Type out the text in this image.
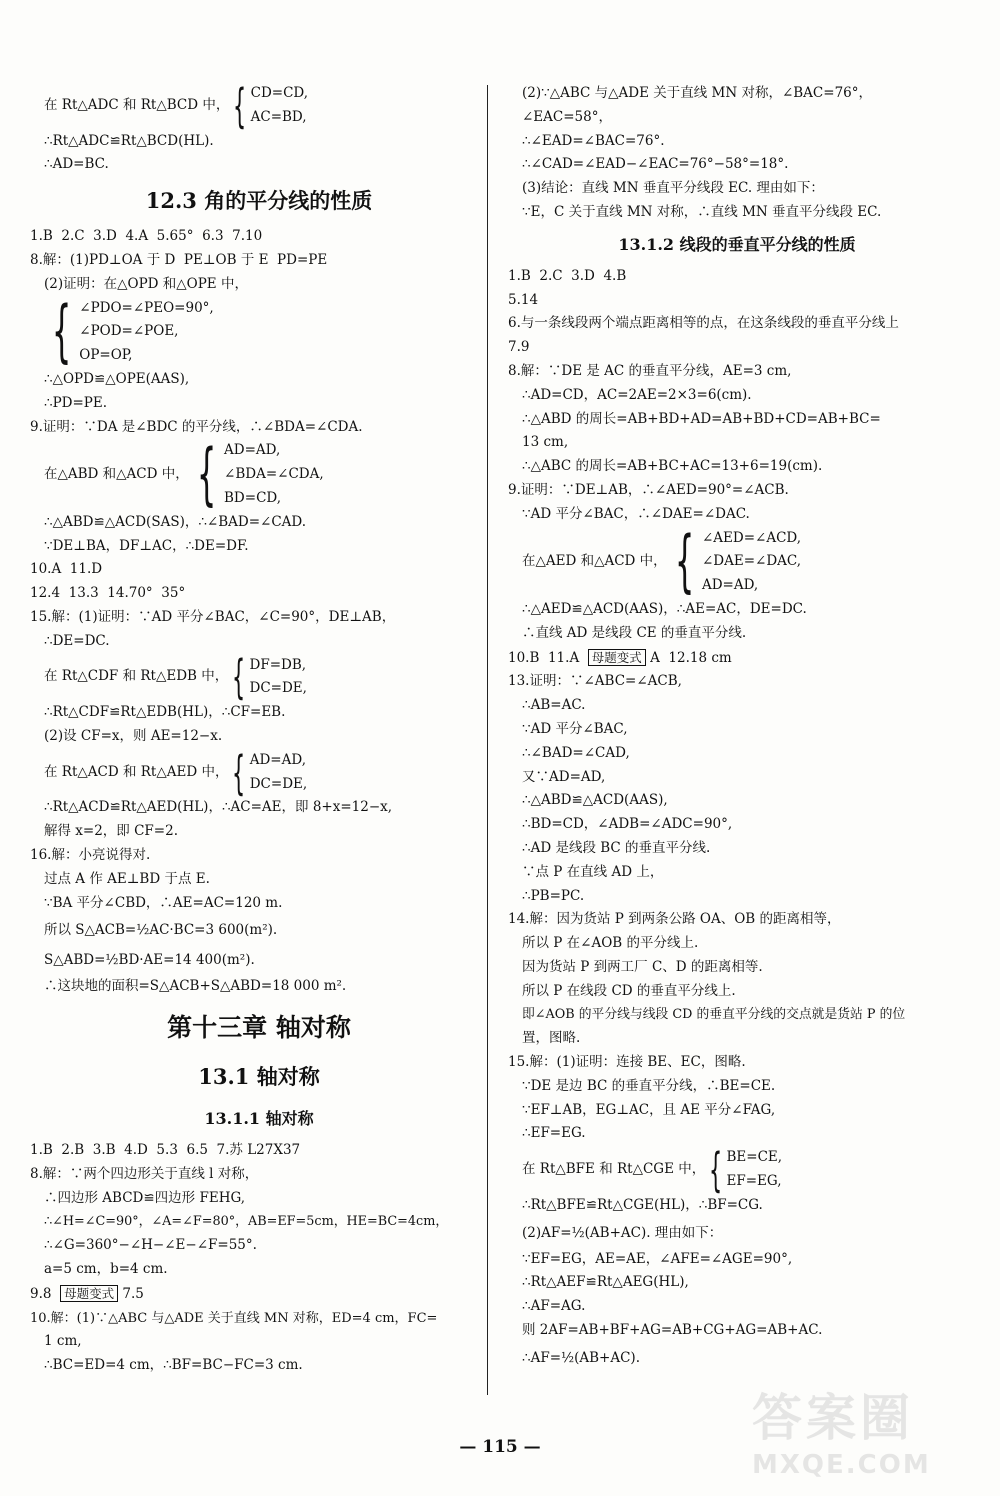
在 Rt△ADC 和 Rt△BCD 中， { CD=CD,
AC=BD,
∴Rt△ADC≌Rt△BCD(HL).
∴AD=BC.
12.3 角的平分线的性质
1.B  2.C  3.D  4.A  5.65°  6.3  7.10
8.解：(1)PD⊥OA 于 D  PE⊥OB 于 E  PD=PE
(2)证明：在△OPD 和△OPE 中，
{ ∠PDO=∠PEO=90°,
∠POD=∠POE,
OP=OP,
∴△OPD≌△OPE(AAS),
∴PD=PE.
9.证明：∵DA 是∠BDC 的平分线，∴∠BDA=∠CDA.
在△ABD 和△ACD 中， { AD=AD,
∠BDA=∠CDA,
BD=CD,
∴△ABD≌△ACD(SAS)，∴∠BAD=∠CAD.
∵DE⊥BA，DF⊥AC，∴DE=DF.
10.A  11.D
12.4  13.3  14.70°  35°
15.解：(1)证明：∵AD 平分∠BAC，∠C=90°，DE⊥AB，
∴DE=DC.
在 Rt△CDF 和 Rt△EDB 中， { DF=DB,
DC=DE,
∴Rt△CDF≌Rt△EDB(HL)，∴CF=EB.
(2)设 CF=x，则 AE=12−x.
在 Rt△ACD 和 Rt△AED 中， { AD=AD,
DC=DE,
∴Rt△ACD≌Rt△AED(HL)，∴AC=AE，即 8+x=12−x,
解得 x=2，即 CF=2.
16.解：小亮说得对.
过点 A 作 AE⊥BD 于点 E.
∵BA 平分∠CBD，∴AE=AC=120 m.
所以 S△ACB=½AC·BC=3 600(m²).
S△ABD=½BD·AE=14 400(m²).
∴这块地的面积=S△ACB+S△ABD=18 000 m².
第十三章 轴对称
13.1 轴对称
13.1.1 轴对称
1.B  2.B  3.B  4.D  5.3  6.5  7.苏 L27X37
8.解：∵两个四边形关于直线 l 对称，
∴四边形 ABCD≌四边形 FEHG,
∴∠H=∠C=90°，∠A=∠F=80°，AB=EF=5cm，HE=BC=4cm，
∴∠G=360°−∠H−∠E−∠F=55°.
a=5 cm，b=4 cm.
9.8  母题变式 7.5
10.解：(1)∵△ABC 与△ADE 关于直线 MN 对称，ED=4 cm，FC=
1 cm,
∴BC=ED=4 cm，∴BF=BC−FC=3 cm.
(2)∵△ABC 与△ADE 关于直线 MN 对称，∠BAC=76°，
∠EAC=58°，
∴∠EAD=∠BAC=76°.
∴∠CAD=∠EAD−∠EAC=76°−58°=18°.
(3)结论：直线 MN 垂直平分线段 EC. 理由如下：
∵E，C 关于直线 MN 对称，∴直线 MN 垂直平分线段 EC.
13.1.2 线段的垂直平分线的性质
1.B  2.C  3.D  4.B
5.14
6.与一条线段两个端点距离相等的点，在这条线段的垂直平分线上
7.9
8.解：∵DE 是 AC 的垂直平分线，AE=3 cm,
∴AD=CD，AC=2AE=2×3=6(cm).
∴△ABD 的周长=AB+BD+AD=AB+BD+CD=AB+BC=
13 cm,
∴△ABC 的周长=AB+BC+AC=13+6=19(cm).
9.证明：∵DE⊥AB，∴∠AED=90°=∠ACB.
∵AD 平分∠BAC，∴∠DAE=∠DAC.
在△AED 和△ACD 中， { ∠AED=∠ACD,
∠DAE=∠DAC,
AD=AD,
∴△AED≌△ACD(AAS)，∴AE=AC，DE=DC.
∴直线 AD 是线段 CE 的垂直平分线.
10.B  11.A  母题变式 A  12.18 cm
13.证明：∵∠ABC=∠ACB,
∴AB=AC.
∵AD 平分∠BAC,
∴∠BAD=∠CAD,
又∵AD=AD,
∴△ABD≌△ACD(AAS),
∴BD=CD，∠ADB=∠ADC=90°,
∴AD 是线段 BC 的垂直平分线.
∵点 P 在直线 AD 上，
∴PB=PC.
14.解：因为货站 P 到两条公路 OA、OB 的距离相等，
所以 P 在∠AOB 的平分线上.
因为货站 P 到两工厂 C、D 的距离相等.
所以 P 在线段 CD 的垂直平分线上.
即∠AOB 的平分线与线段 CD 的垂直平分线的交点就是货站 P 的位
置，图略.
15.解：(1)证明：连接 BE、EC，图略.
∵DE 是边 BC 的垂直平分线，∴BE=CE.
∵EF⊥AB，EG⊥AC，且 AE 平分∠FAG,
∴EF=EG.
在 Rt△BFE 和 Rt△CGE 中， { BE=CE,
EF=EG,
∴Rt△BFE≌Rt△CGE(HL)，∴BF=CG.
(2)AF=½(AB+AC). 理由如下：
∵EF=EG，AE=AE，∠AFE=∠AGE=90°,
∴Rt△AEF≌Rt△AEG(HL),
∴AF=AG.
则 2AF=AB+BF+AG=AB+CG+AG=AB+AC.
∴AF=½(AB+AC).
— 115 —	答案圈
MXQE.COM
